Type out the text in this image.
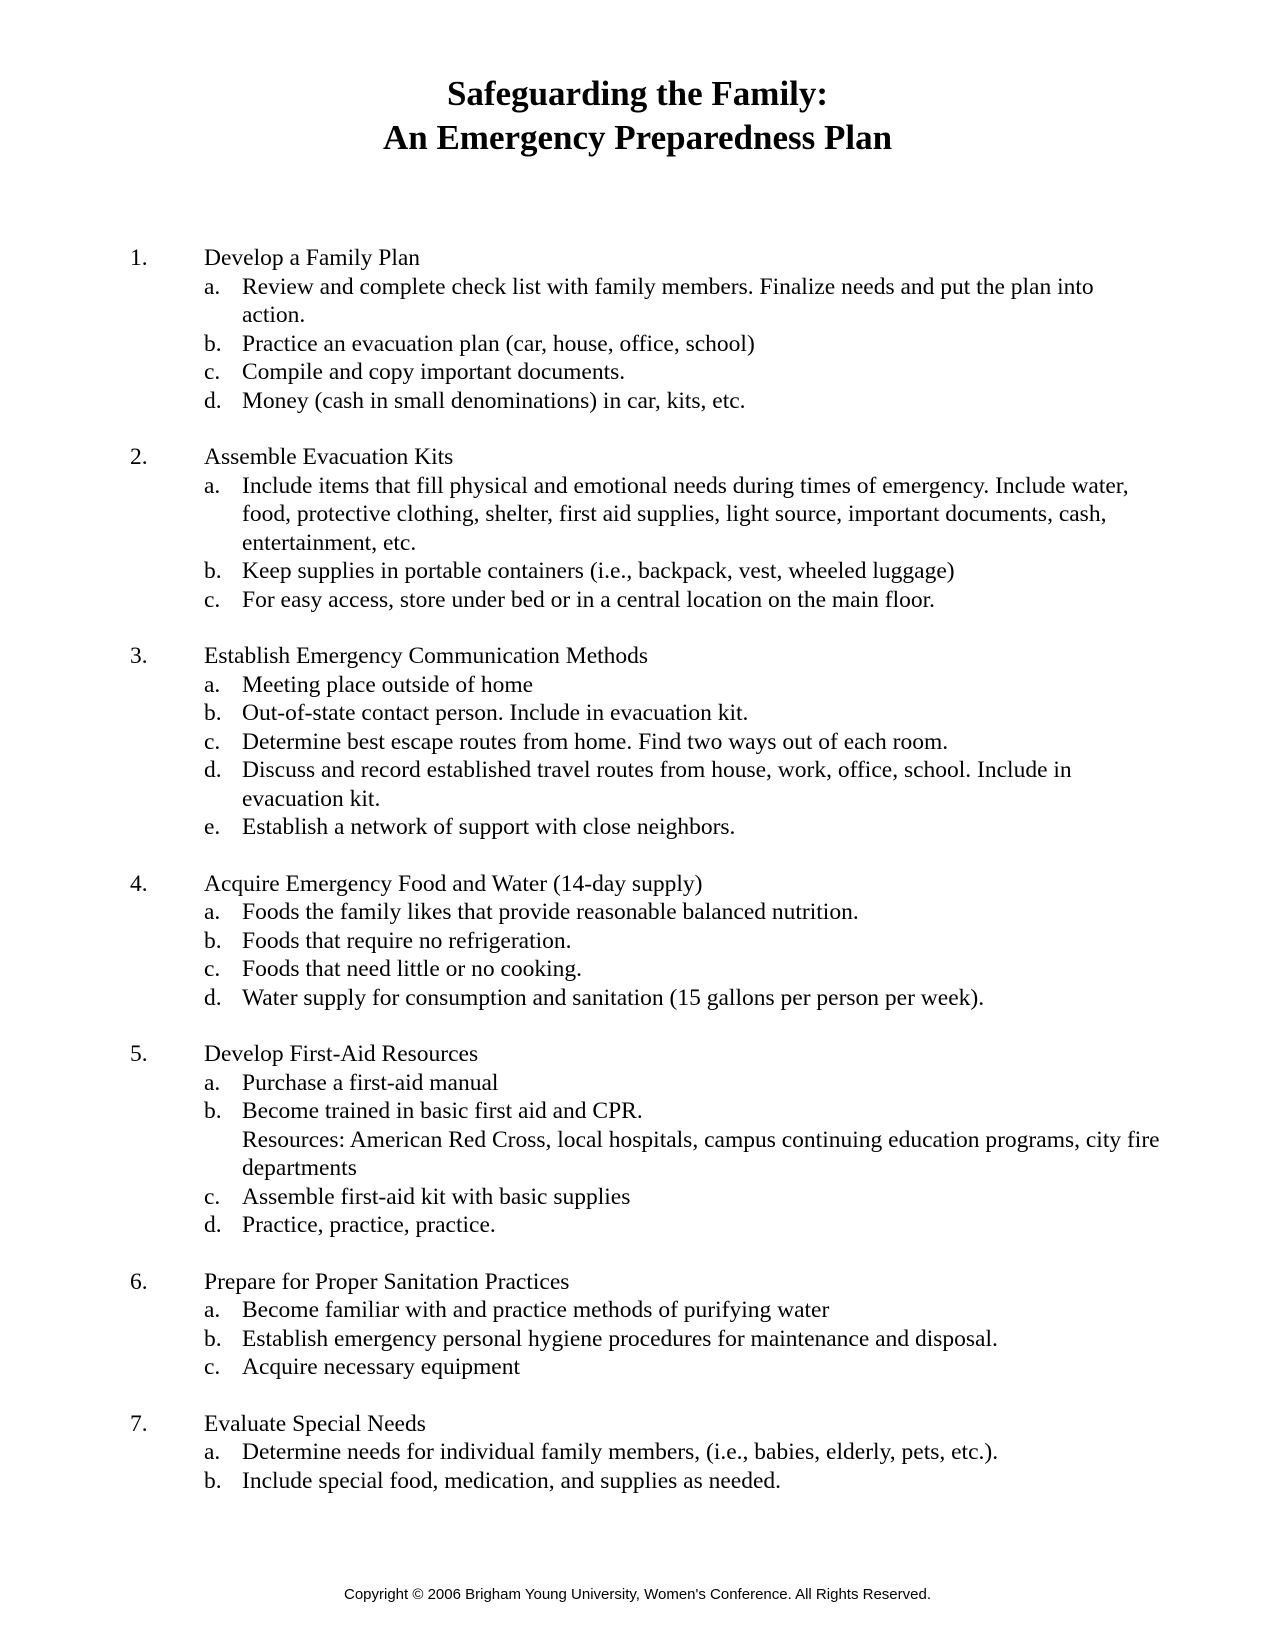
Safeguarding the Family:
An Emergency Preparedness Plan
1. Develop a Family Plan
a. Review and complete check list with family members. Finalize needs and put the plan into action.
b. Practice an evacuation plan (car, house, office, school)
c. Compile and copy important documents.
d. Money (cash in small denominations) in car, kits, etc.
2. Assemble Evacuation Kits
a. Include items that fill physical and emotional needs during times of emergency. Include water, food, protective clothing, shelter, first aid supplies, light source, important documents, cash, entertainment, etc.
b. Keep supplies in portable containers (i.e., backpack, vest, wheeled luggage)
c. For easy access, store under bed or in a central location on the main floor.
3. Establish Emergency Communication Methods
a. Meeting place outside of home
b. Out-of-state contact person. Include in evacuation kit.
c. Determine best escape routes from home. Find two ways out of each room.
d. Discuss and record established travel routes from house, work, office, school. Include in evacuation kit.
e. Establish a network of support with close neighbors.
4. Acquire Emergency Food and Water (14-day supply)
a. Foods the family likes that provide reasonable balanced nutrition.
b. Foods that require no refrigeration.
c. Foods that need little or no cooking.
d. Water supply for consumption and sanitation (15 gallons per person per week).
5. Develop First-Aid Resources
a. Purchase a first-aid manual
b. Become trained in basic first aid and CPR.
Resources: American Red Cross, local hospitals, campus continuing education programs, city fire departments
c. Assemble first-aid kit with basic supplies
d. Practice, practice, practice.
6. Prepare for Proper Sanitation Practices
a. Become familiar with and practice methods of purifying water
b. Establish emergency personal hygiene procedures for maintenance and disposal.
c. Acquire necessary equipment
7. Evaluate Special Needs
a. Determine needs for individual family members, (i.e., babies, elderly, pets, etc.).
b. Include special food, medication, and supplies as needed.
Copyright © 2006 Brigham Young University, Women's Conference. All Rights Reserved.
